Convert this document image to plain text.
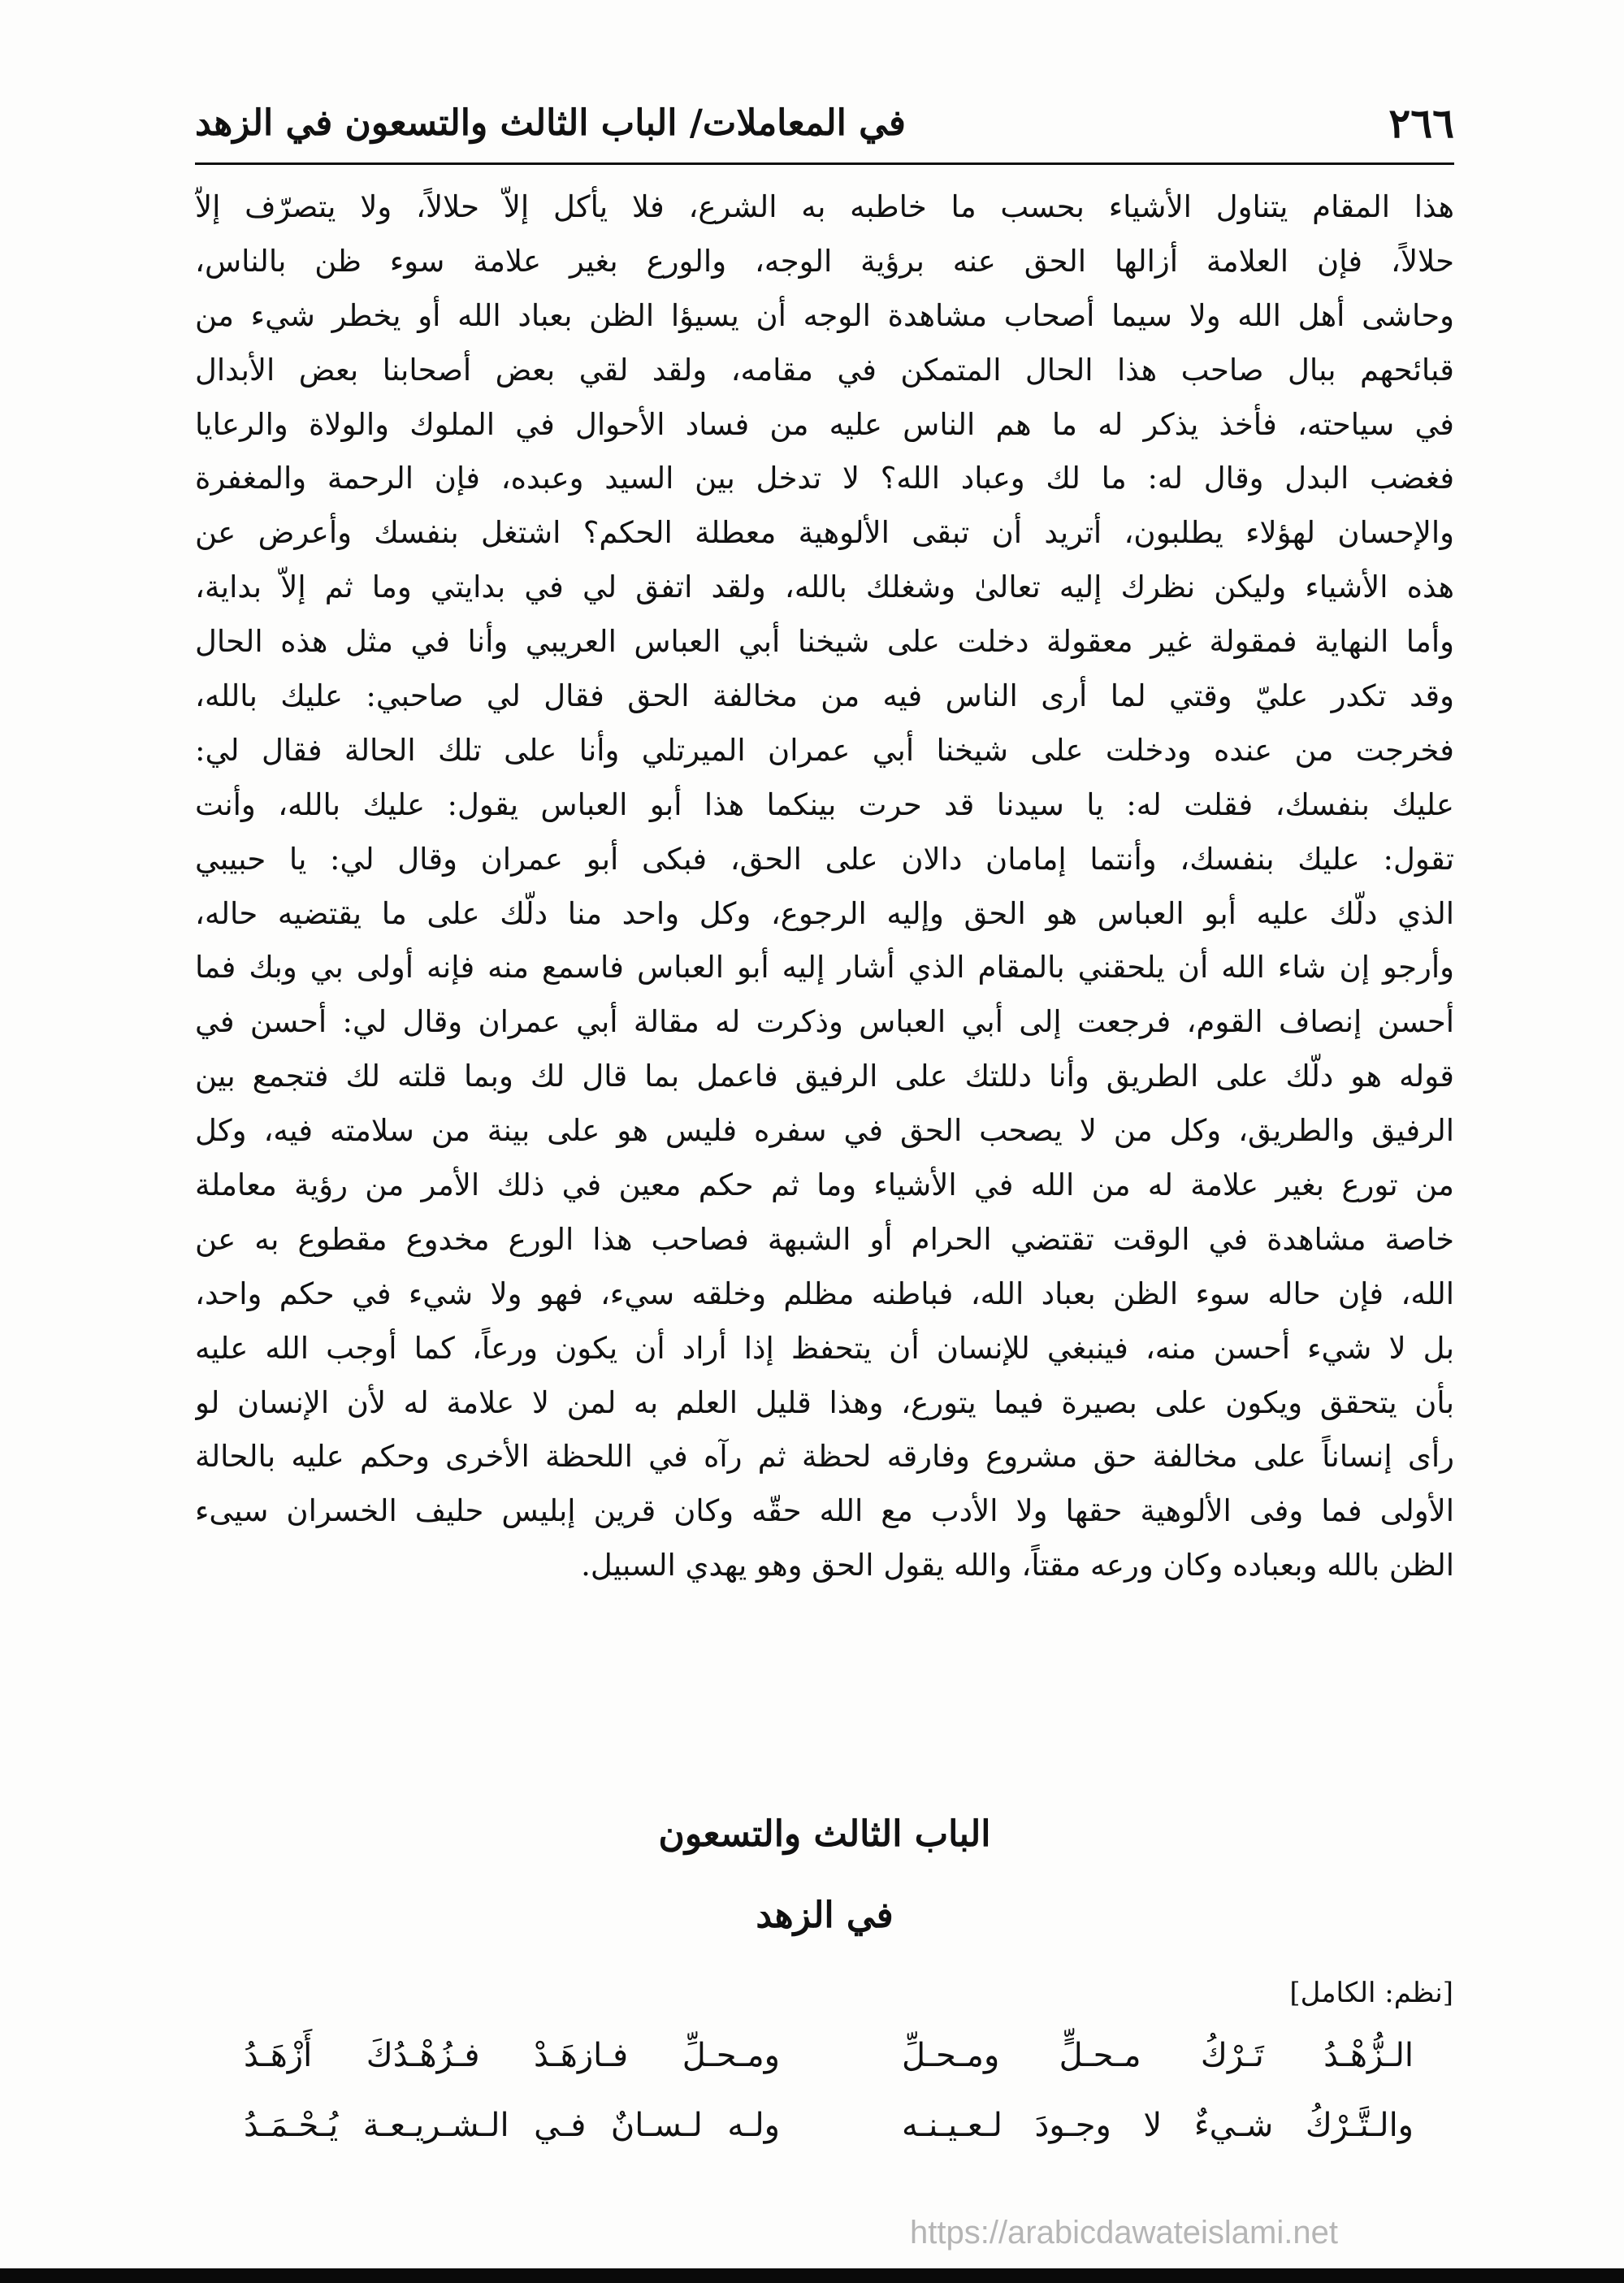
٢٦٦
في المعاملات/ الباب الثالث والتسعون في الزهد
هذا المقام يتناول الأشياء بحسب ما خاطبه به الشرع، فلا يأكل إلاّ حلالاً، ولا يتصرّف إلاّ
حلالاً، فإن العلامة أزالها الحق عنه برؤية الوجه، والورع بغير علامة سوء ظن بالناس،
وحاشى أهل الله ولا سيما أصحاب مشاهدة الوجه أن يسيؤا الظن بعباد الله أو يخطر شيء من
قبائحهم ببال صاحب هذا الحال المتمكن في مقامه، ولقد لقي بعض أصحابنا بعض الأبدال
في سياحته، فأخذ يذكر له ما هم الناس عليه من فساد الأحوال في الملوك والولاة والرعايا
فغضب البدل وقال له: ما لك وعباد الله؟ لا تدخل بين السيد وعبده، فإن الرحمة والمغفرة
والإحسان لهؤلاء يطلبون، أتريد أن تبقى الألوهية معطلة الحكم؟ اشتغل بنفسك وأعرض عن
هذه الأشياء وليكن نظرك إليه تعالىٰ وشغلك بالله، ولقد اتفق لي في بدايتي وما ثم إلاّ بداية،
وأما النهاية فمقولة غير معقولة دخلت على شيخنا أبي العباس العريبي وأنا في مثل هذه الحال
وقد تكدر عليّ وقتي لما أرى الناس فيه من مخالفة الحق فقال لي صاحبي: عليك بالله،
فخرجت من عنده ودخلت على شيخنا أبي عمران الميرتلي وأنا على تلك الحالة فقال لي:
عليك بنفسك، فقلت له: يا سيدنا قد حرت بينكما هذا أبو العباس يقول: عليك بالله، وأنت
تقول: عليك بنفسك، وأنتما إمامان دالان على الحق، فبكى أبو عمران وقال لي: يا حبيبي
الذي دلّك عليه أبو العباس هو الحق وإليه الرجوع، وكل واحد منا دلّك على ما يقتضيه حاله،
وأرجو إن شاء الله أن يلحقني بالمقام الذي أشار إليه أبو العباس فاسمع منه فإنه أولى بي وبك فما
أحسن إنصاف القوم، فرجعت إلى أبي العباس وذكرت له مقالة أبي عمران وقال لي: أحسن في
قوله هو دلّك على الطريق وأنا دللتك على الرفيق فاعمل بما قال لك وبما قلته لك فتجمع بين
الرفيق والطريق، وكل من لا يصحب الحق في سفره فليس هو على بينة من سلامته فيه، وكل
من تورع بغير علامة له من الله في الأشياء وما ثم حكم معين في ذلك الأمر من رؤية معاملة
خاصة مشاهدة في الوقت تقتضي الحرام أو الشبهة فصاحب هذا الورع مخدوع مقطوع به عن
الله، فإن حاله سوء الظن بعباد الله، فباطنه مظلم وخلقه سيء، فهو ولا شيء في حكم واحد،
بل لا شيء أحسن منه، فينبغي للإنسان أن يتحفظ إذا أراد أن يكون ورعاً، كما أوجب الله عليه
بأن يتحقق ويكون على بصيرة فيما يتورع، وهذا قليل العلم به لمن لا علامة له لأن الإنسان لو
رأى إنساناً على مخالفة حق مشروع وفارقه لحظة ثم رآه في اللحظة الأخرى وحكم عليه بالحالة
الأولى فما وفى الألوهية حقها ولا الأدب مع الله حقّه وكان قرين إبليس حليف الخسران سيىء
الظن بالله وبعباده وكان ورعه مقتاً، والله يقول الحق وهو يهدي السبيل.
الباب الثالث والتسعون
في الزهد
[نظم: الكامل]
الـزُّهْـدُ تَـرْكُ مـحـلٍّ ومـحـلِّ
ومـحـلِّ فـازهَـدْ فـزُهْـدُكَ أَزْهَـدُ
والـتَّـرْكُ شـيءٌ لا وجـودَ لـعـيـنـه
ولـه لـسـانٌ فـي الـشـريـعـة يُـحْـمَـدُ
https://arabicdawateislami.net
